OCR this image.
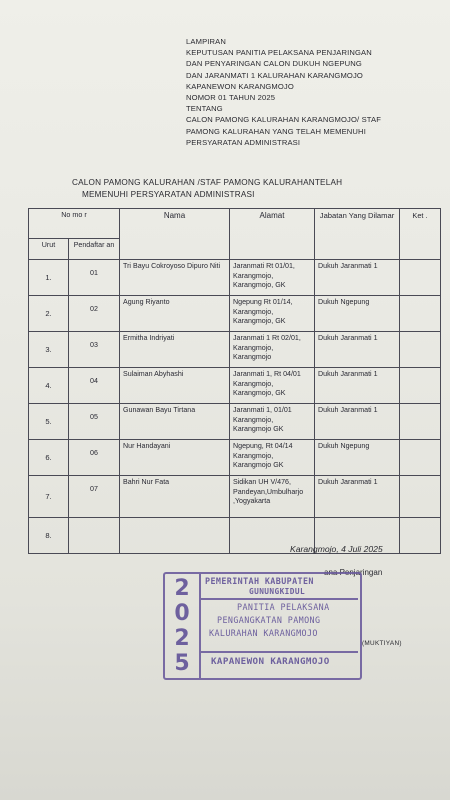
LAMPIRAN
KEPUTUSAN PANITIA PELAKSANA PENJARINGAN
DAN PENYARINGAN CALON DUKUH NGEPUNG
DAN JARANMATI 1 KALURAHAN KARANGMOJO
KAPANEWON KARANGMOJO
NOMOR 01 TAHUN 2025
TENTANG
CALON PAMONG KALURAHAN KARANGMOJO/ STAF
PAMONG KALURAHAN YANG TELAH MEMENUHI
PERSYARATAN ADMINISTRASI
CALON PAMONG KALURAHAN /STAF PAMONG KALURAHANTELAH
MEMENUHI PERSYARATAN ADMINISTRASI
No mo r		Nama	Alamat	Jabatan Yang Dilamar	Ket .
Urut	Pendaftar an				
1.	01	Tri Bayu Cokroyoso Dipuro Niti	Jaranmati Rt 01/01, Karangmojo, Karangmojo, GK	Dukuh Jaranmati 1	
2.	02	Agung Riyanto	Ngepung Rt 01/14, Karangmojo, Karangmojo, GK	Dukuh Ngepung	
3.	03	Ermitha Indriyati	Jaranmati 1 Rt 02/01, Karangmojo, Karangmojo	Dukuh Jaranmati 1	
4.	04	Sulaiman Abyhashi	Jaranmati 1, Rt 04/01 Karangmojo, Karangmojo, GK	Dukuh Jaranmati 1	
5.	05	Gunawan Bayu Tirtana	Jaranmati 1, 01/01 Karangmojo, Karangmojo GK	Dukuh Jaranmati 1	
6.	06	Nur Handayani	Ngepung, Rt 04/14 Karangmojo, Karangmojo GK	Dukuh Ngepung	
7.	07	Bahri Nur Fata	Sidikan UH V/476, Pandeyan,Umbulharjo ,Yogyakarta	Dukuh Jaranmati 1	
8.					
Karangmojo, 4 Juli 2025
ana Penjaringan
(MUKTIYAN)
2
0
2
5
PEMERINTAH KABUPATEN
GUNUNGKIDUL
PANITIA PELAKSANA
PENGANGKATAN PAMONG
KALURAHAN KARANGMOJO
KAPANEWON KARANGMOJO
